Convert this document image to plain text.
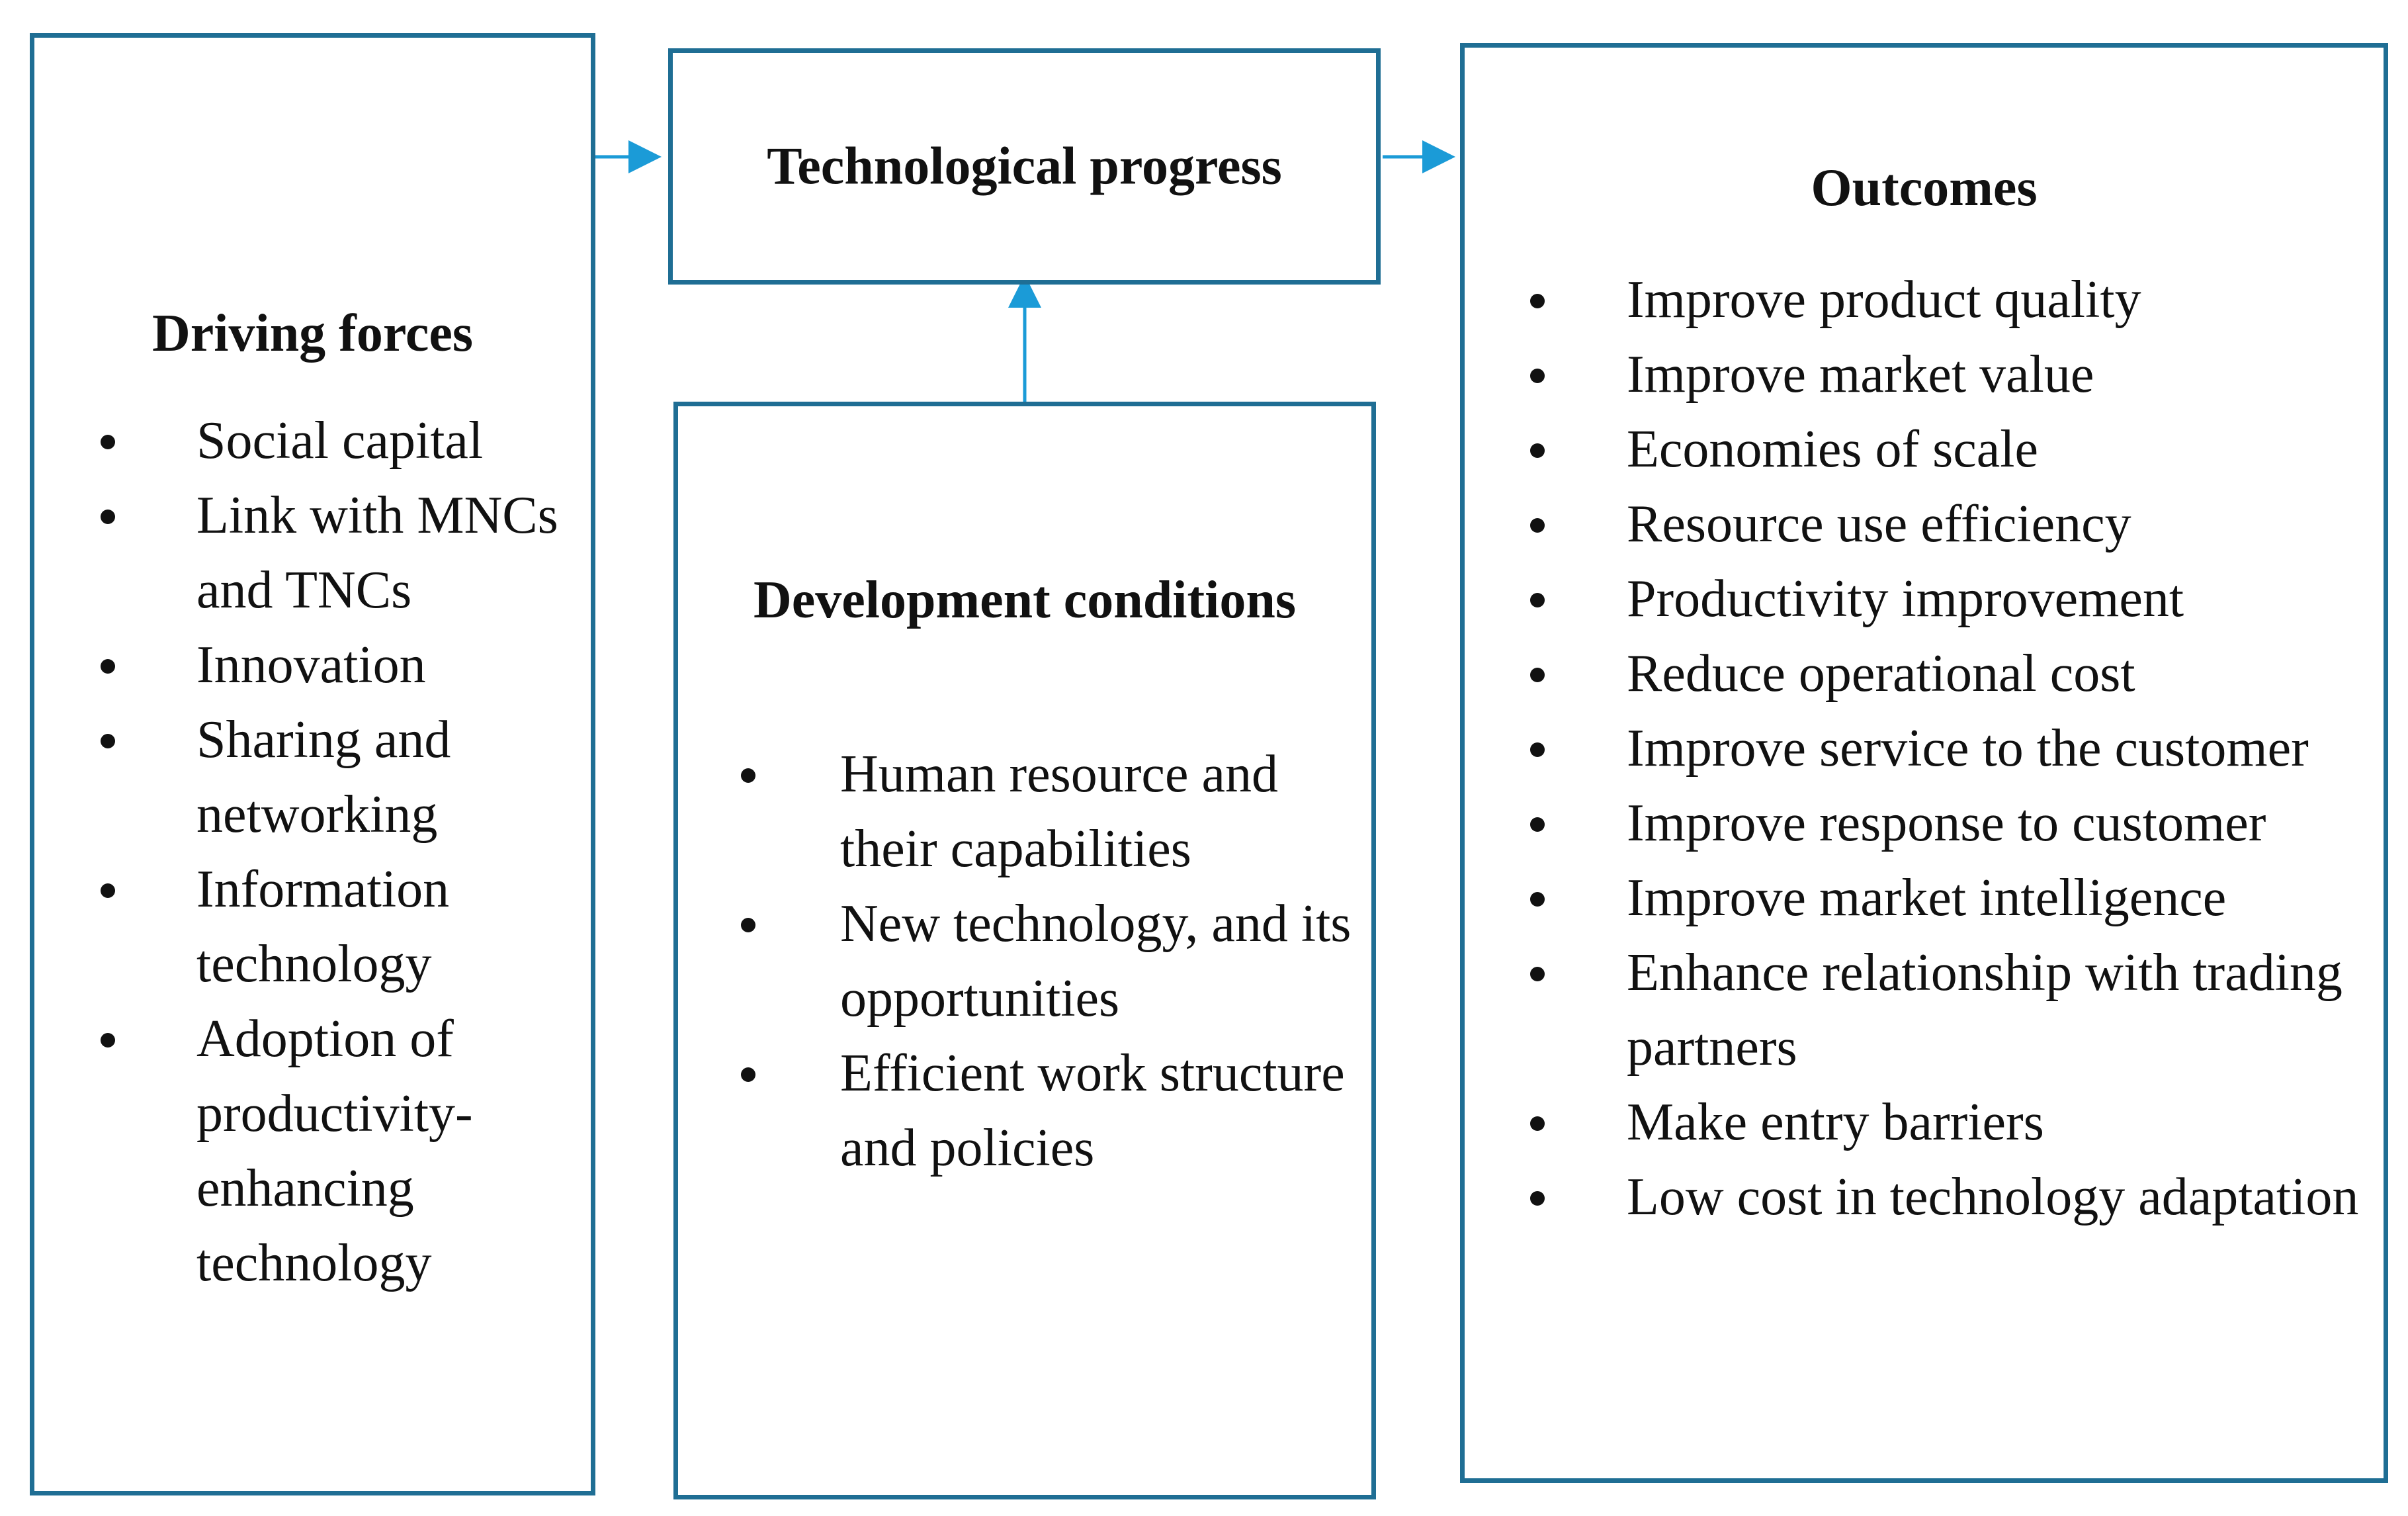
Driving forces
Social capital
Link with MNCs and TNCs
Innovation
Sharing and networking
Information technology
Adoption of productivity-enhancing technology
Technological progress
Development conditions
Human resource and their capabilities
New technology, and its opportunities
Efficient work structure and policies
Outcomes
Improve product quality
Improve market value
Economies of scale
Resource use efficiency
Productivity improvement
Reduce operational cost
Improve service to the customer
Improve response to customer
Improve market intelligence
Enhance relationship with trading partners
Make entry barriers
Low cost in technology adaptation
